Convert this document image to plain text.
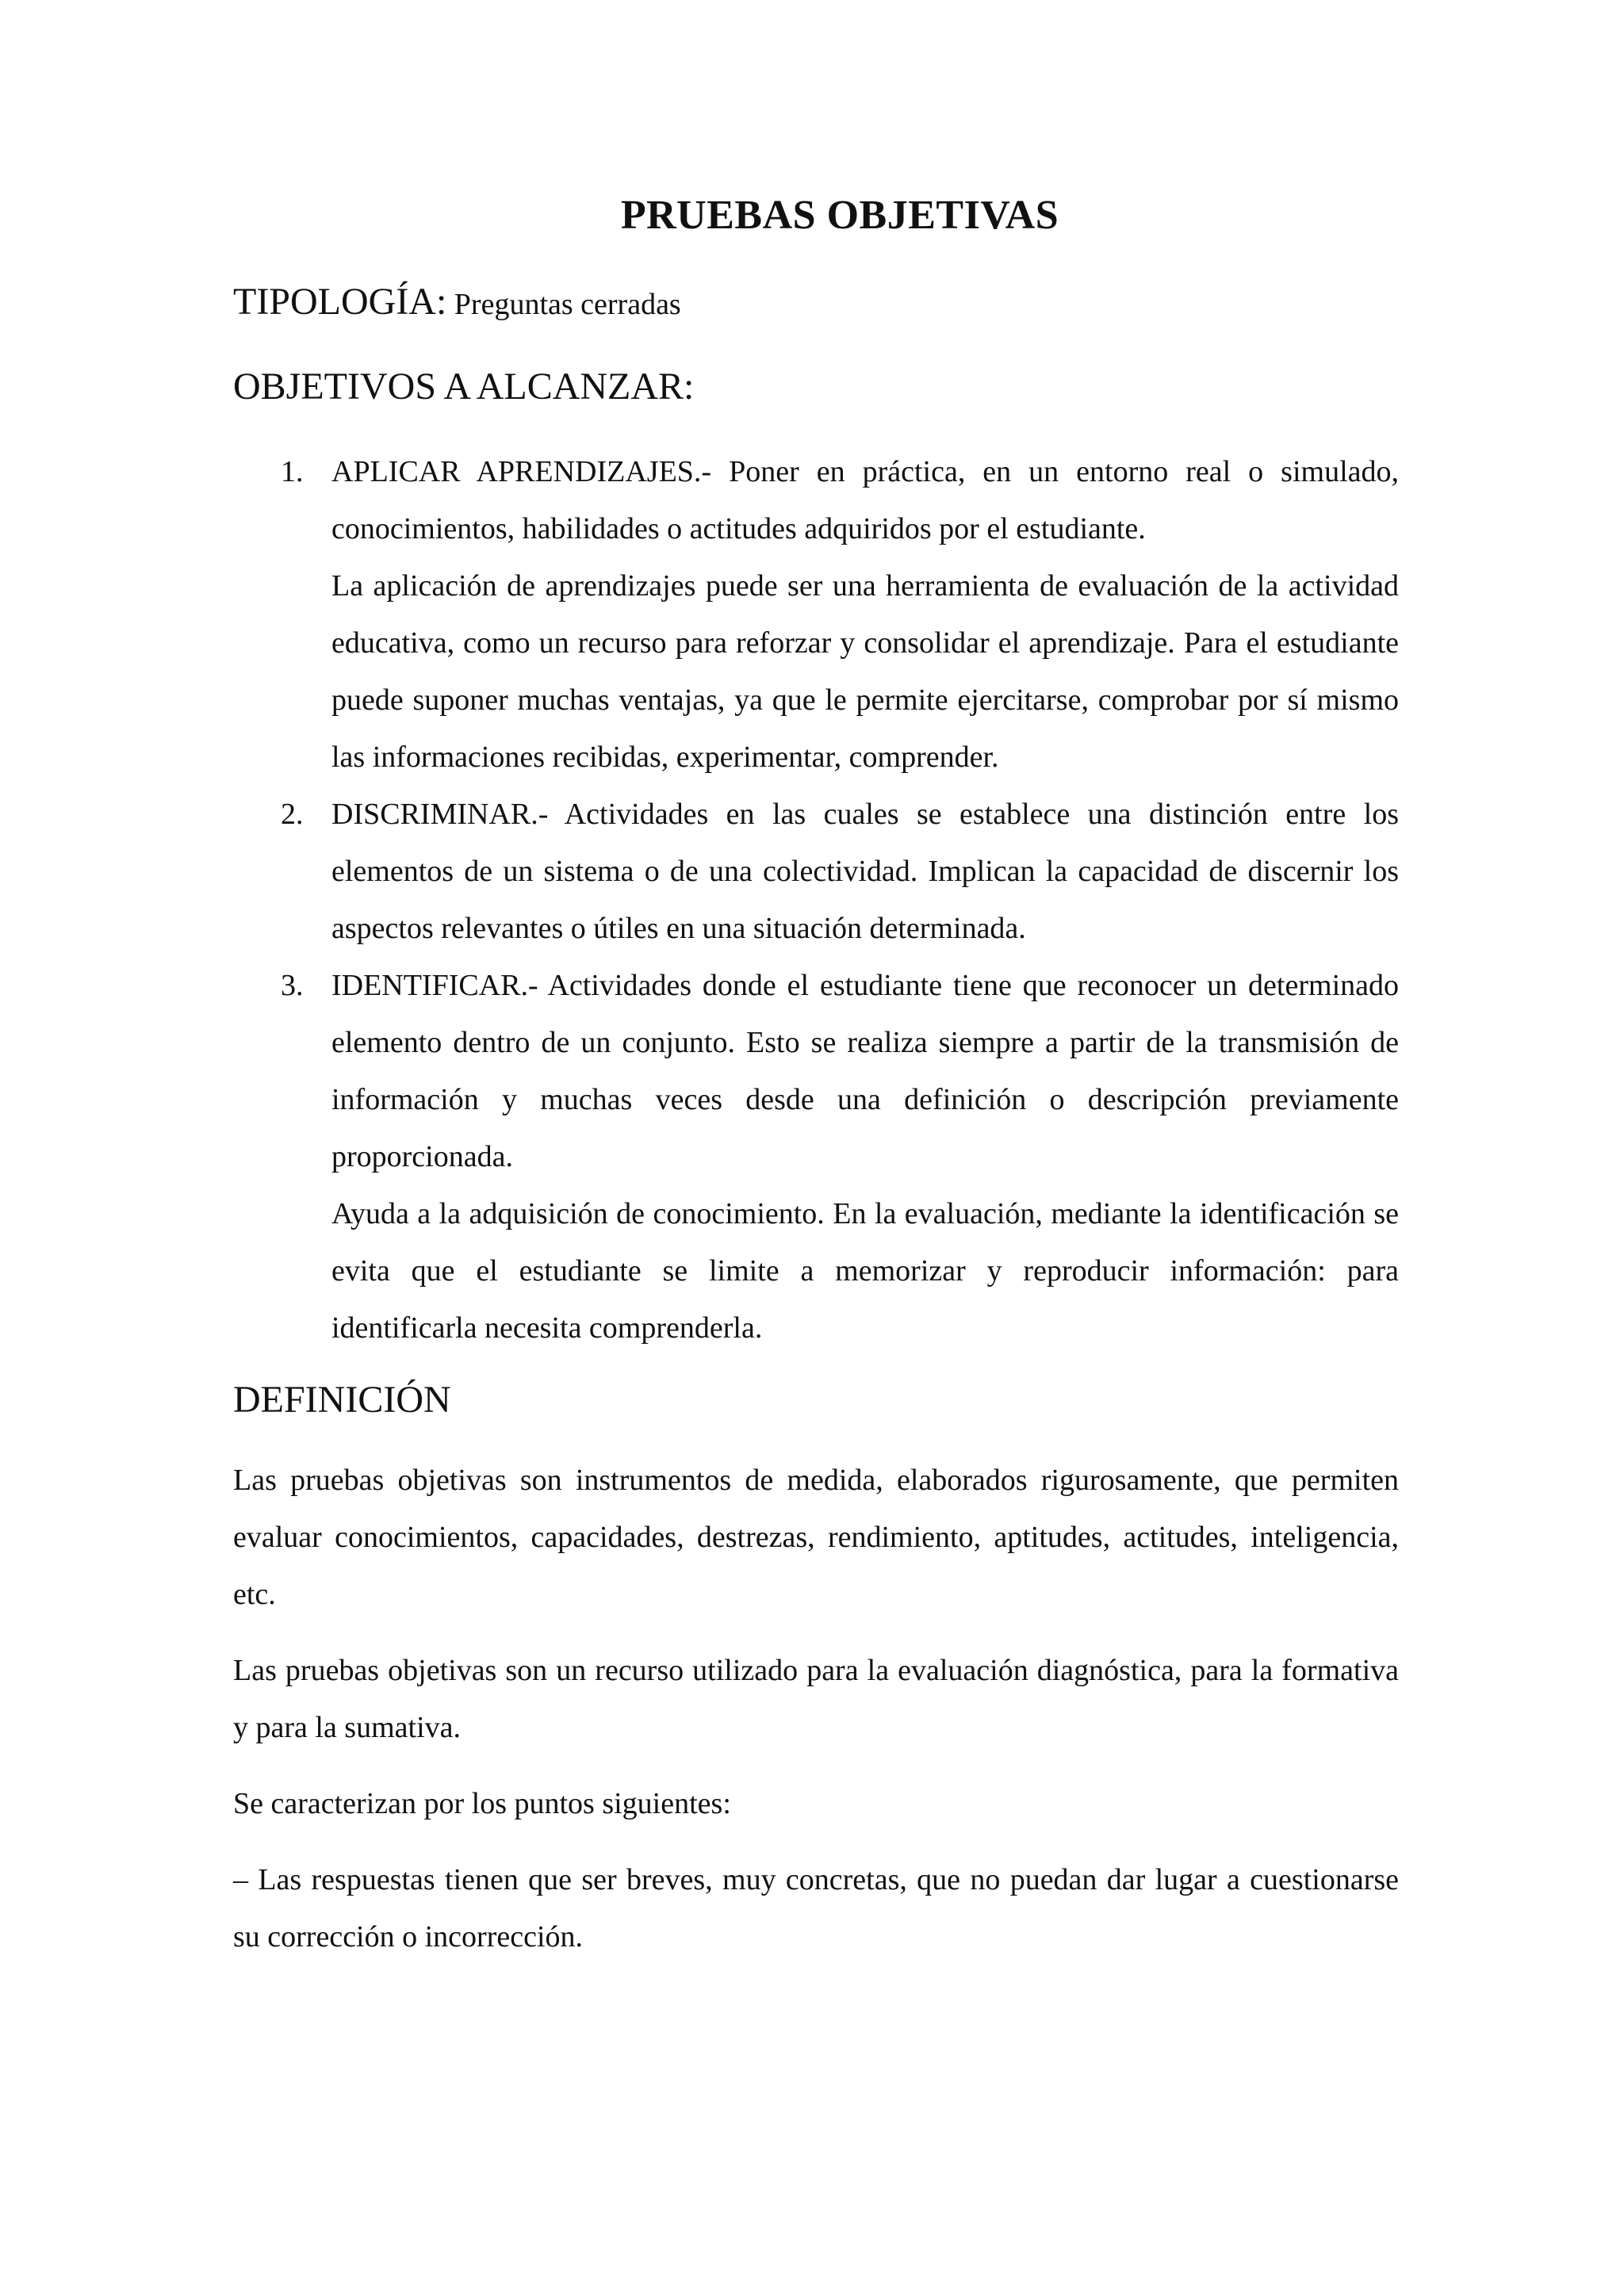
PRUEBAS OBJETIVAS
TIPOLOGÍA: Preguntas cerradas
OBJETIVOS A ALCANZAR:
1. APLICAR APRENDIZAJES.- Poner en práctica, en un entorno real o simulado, conocimientos, habilidades o actitudes adquiridos por el estudiante.

La aplicación de aprendizajes puede ser una herramienta de evaluación de la actividad educativa, como un recurso para reforzar y consolidar el aprendizaje. Para el estudiante puede suponer muchas ventajas, ya que le permite ejercitarse, comprobar por sí mismo las informaciones recibidas, experimentar, comprender.

2. DISCRIMINAR.- Actividades en las cuales se establece una distinción entre los elementos de un sistema o de una colectividad. Implican la capacidad de discernir los aspectos relevantes o útiles en una situación determinada.

3. IDENTIFICAR.- Actividades donde el estudiante tiene que reconocer un determinado elemento dentro de un conjunto. Esto se realiza siempre a partir de la transmisión de información y muchas veces desde una definición o descripción previamente proporcionada.

Ayuda a la adquisición de conocimiento. En la evaluación, mediante la identificación se evita que el estudiante se limite a memorizar y reproducir información: para identificarla necesita comprenderla.

DEFINICIÓN

Las pruebas objetivas son instrumentos de medida, elaborados rigurosamente, que permiten evaluar conocimientos, capacidades, destrezas, rendimiento, aptitudes, actitudes, inteligencia, etc.

Las pruebas objetivas son un recurso utilizado para la evaluación diagnóstica, para la formativa y para la sumativa.

Se caracterizan por los puntos siguientes:

– Las respuestas tienen que ser breves, muy concretas, que no puedan dar lugar a cuestionarse su corrección o incorrección.
